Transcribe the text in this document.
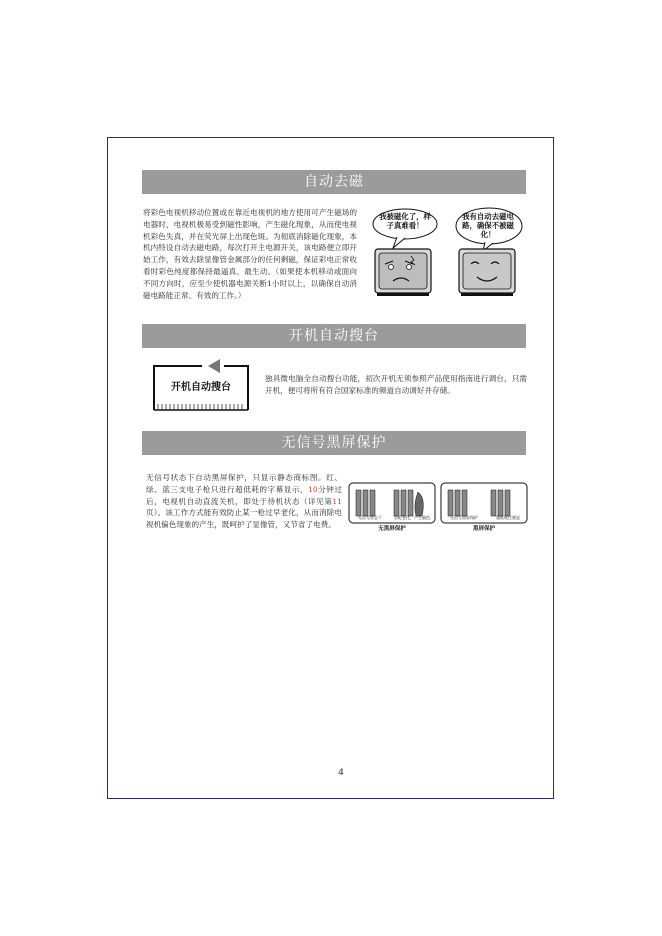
自动去磁
将彩色电视机移动位置或在靠近电视机的地方使用可产生磁场的电器时，电视机极易受到磁性影响，产生磁化现象，从而使电视机彩色失真，并在荧光屏上出现色斑。为彻底消除磁化现象，本机内特设自动去磁电路，每次打开主电源开关，该电路便立即开始工作，有效去除显像管金属部分的任何剩磁，保证彩电正常收看时彩色纯度都保持最逼真、最生动。（如果使本机移动或面向不同方向时，应至少使机器电源关断1小时以上，以确保自动消磁电路能正常、有效的工作。）
我被磁化了，样子真难看！
我有自动去磁电路，确保不被磁化！
开机自动搜台
开机自动搜台
独具微电脑全自动搜台功能，初次开机无须参照产品使用指南进行调台，只需开机，便可将所有符合国家标准的频道自动调好并存储。
无信号黑屏保护
无信号状态下自动黑屏保护，只显示静态商标图。红、绿、蓝三支电子枪只进行超低耗的字幕显示，10分钟过后，电视机自动直流关机，即处于待机状态（详见第11页）。该工作方式能有效防止某一枪过早老化，从而消除电视机偏色现象的产生，既呵护了显像管，又节省了电费。
无信号状态下	盲枪老化，产生偏色	无信号黑屏保护	超低耗过渡显
无黑屏保护	黑屏保护
4
